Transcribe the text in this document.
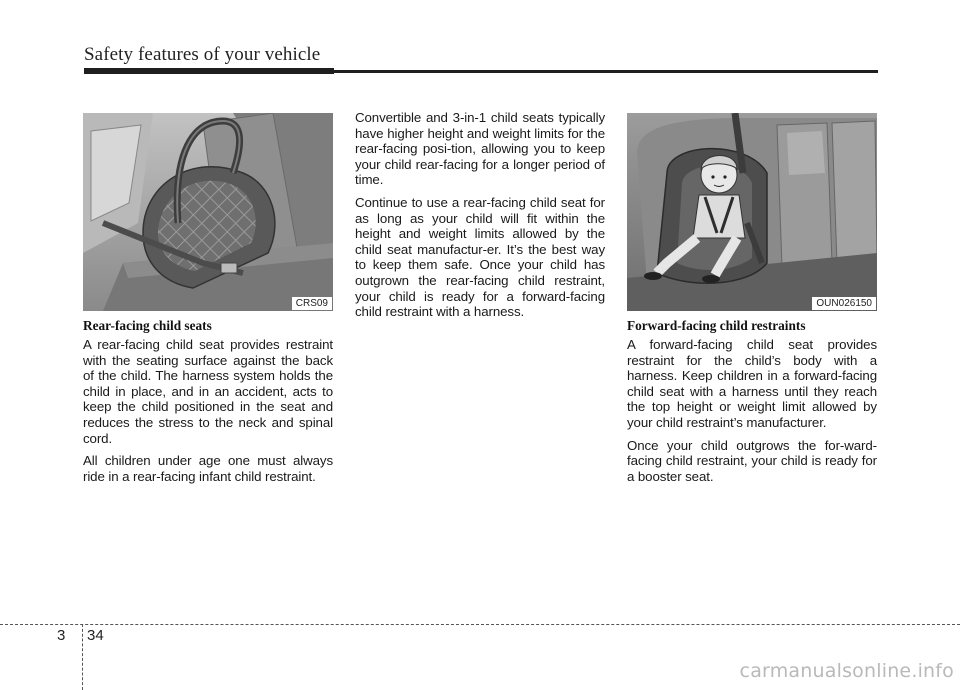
Safety features of your vehicle
CRS09
Rear-facing child seats

A rear-facing child seat provides restraint with the seating surface against the back of the child. The harness system holds the child in place, and in an accident, acts to keep the child positioned in the seat and reduces the stress to the neck and spinal cord.

All children under age one must always ride in a rear-facing infant child restraint.

Convertible and 3-in-1 child seats typically have higher height and weight limits for the rear-facing posi-tion, allowing you to keep your child rear-facing for a longer period of time.

Continue to use a rear-facing child seat for as long as your child will fit within the height and weight limits allowed by the child seat manufactur-er. It’s the best way to keep them safe. Once your child has outgrown the rear-facing child restraint, your child is ready for a forward-facing child restraint with a harness.

OUN026150
Forward-facing child restraints

A forward-facing child seat provides restraint for the child’s body with a harness. Keep children in a forward-facing child seat with a harness until they reach the top height or weight limit allowed by your child restraint’s manufacturer.

Once your child outgrows the for-ward-facing child restraint, your child is ready for a booster seat.

3 34
carmanualsonline.info
